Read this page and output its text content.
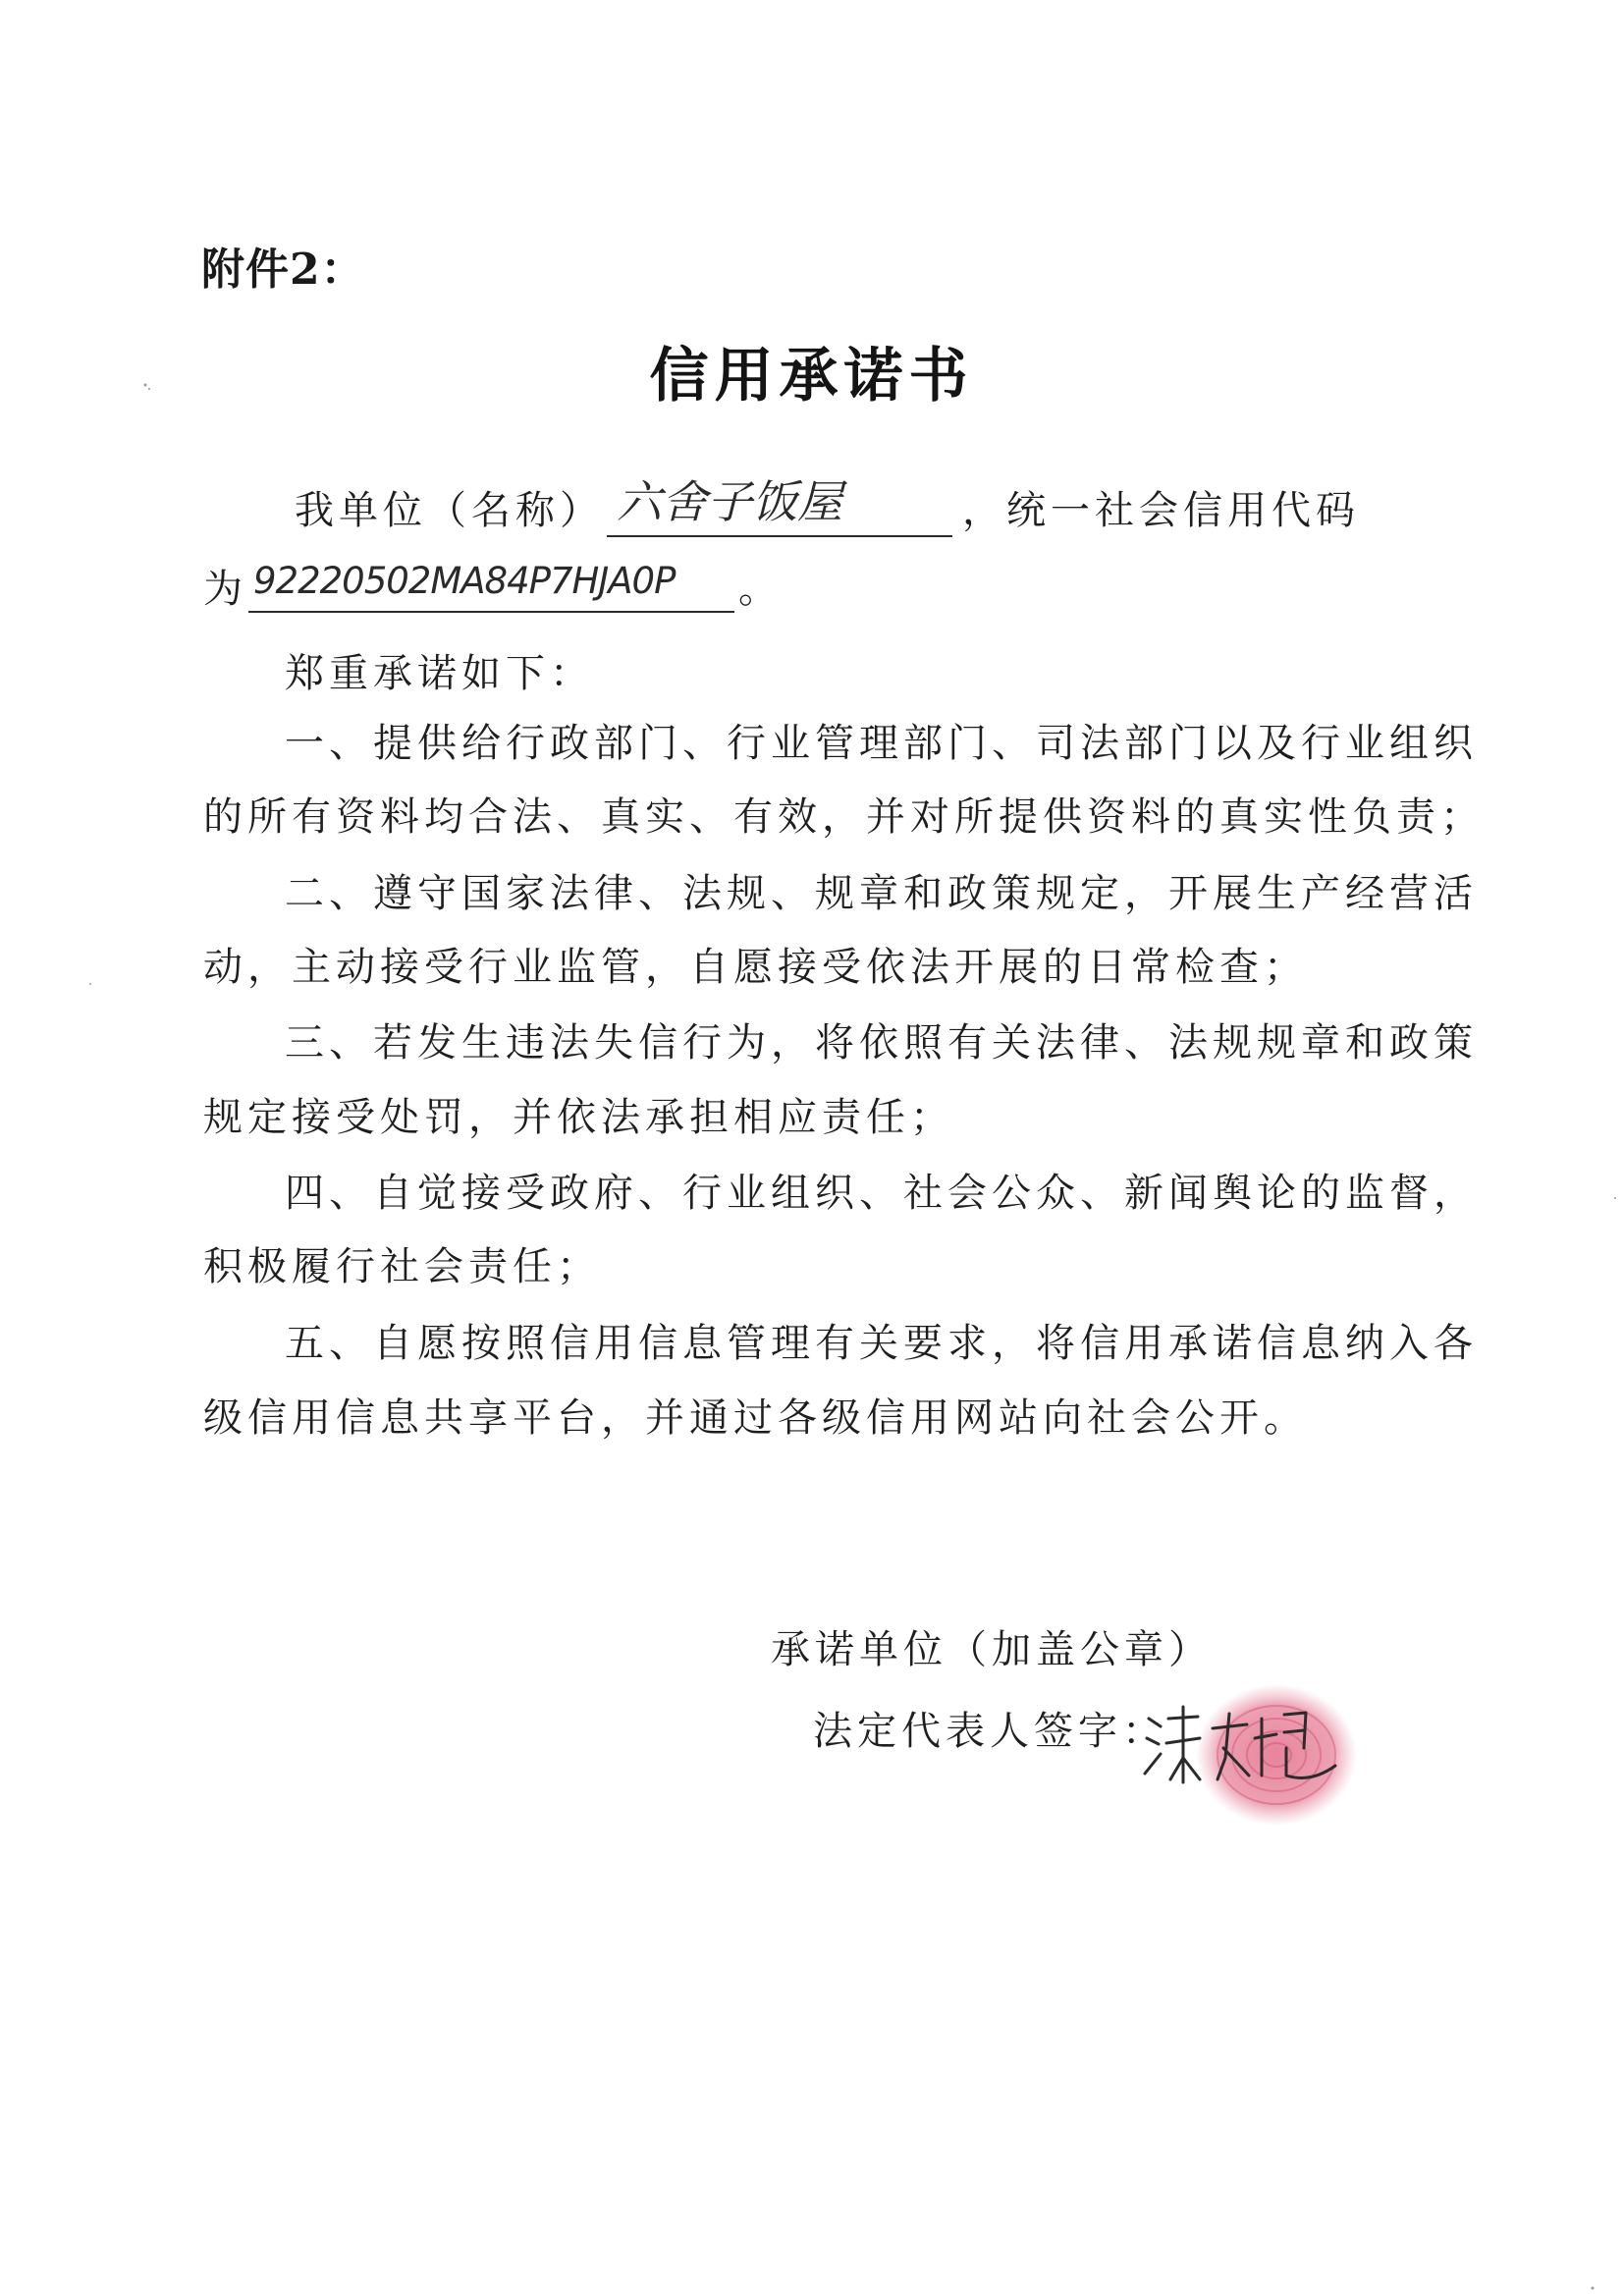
附件2：
信用承诺书
我单位（名称） 六舍子饭屋	，统一社会信用代码
为 92220502MA84P7HJA0P 。
郑重承诺如下：
一、提供给行政部门、行业管理部门、司法部门以及行业组织
的所有资料均合法、真实、有效，并对所提供资料的真实性负责；
二、遵守国家法律、法规、规章和政策规定，开展生产经营活
动，主动接受行业监管，自愿接受依法开展的日常检查；
三、若发生违法失信行为，将依照有关法律、法规规章和政策
规定接受处罚，并依法承担相应责任；
四、自觉接受政府、行业组织、社会公众、新闻舆论的监督，
积极履行社会责任；
五、自愿按照信用信息管理有关要求，将信用承诺信息纳入各
级信用信息共享平台，并通过各级信用网站向社会公开。
承诺单位（加盖公章）
法定代表人签字：
